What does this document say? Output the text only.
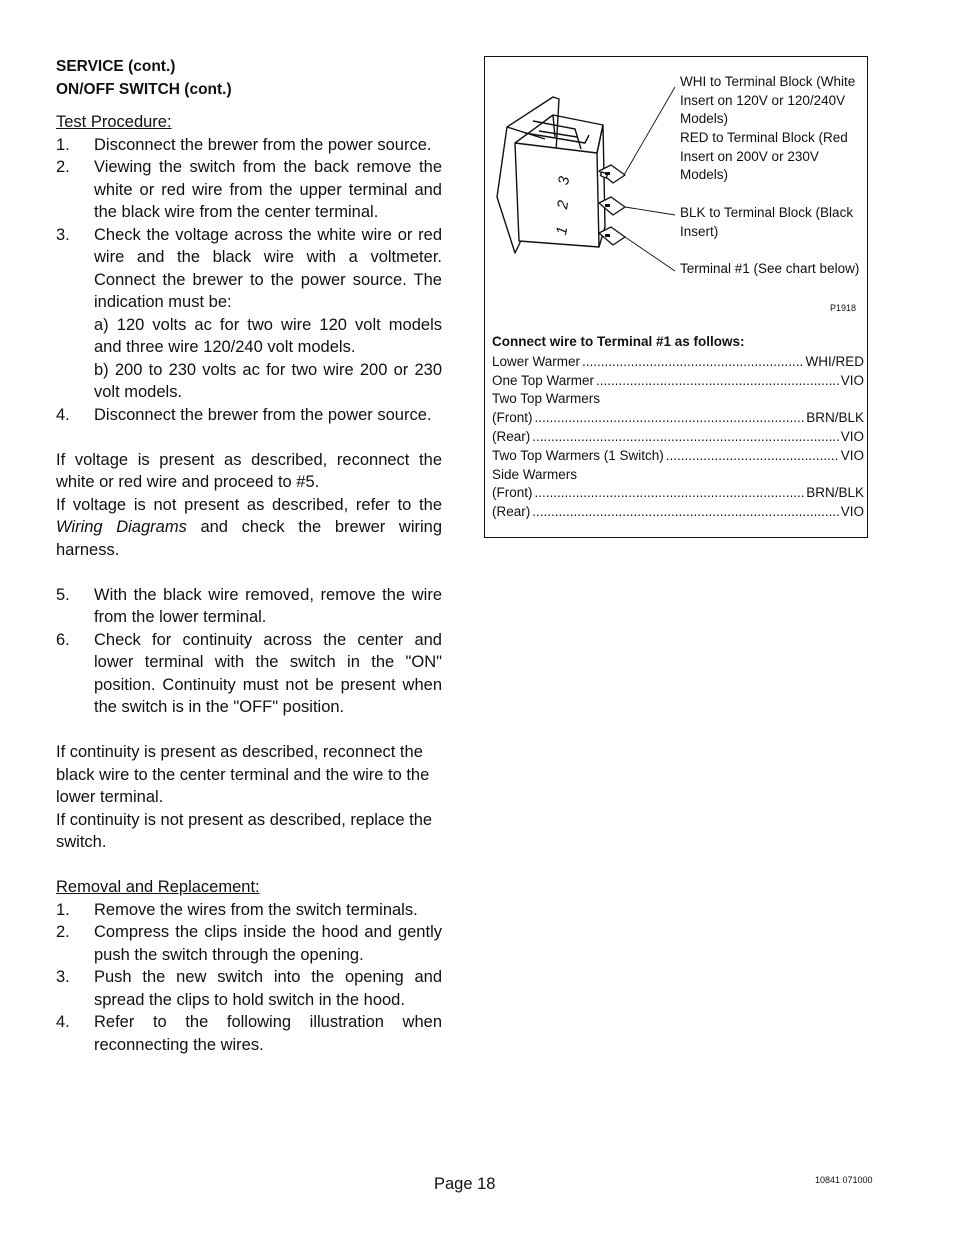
SERVICE (cont.)

ON/OFF SWITCH (cont.)

Test Procedure:

1.	Disconnect the brewer from the power source.
2.	Viewing the switch from the back remove the white or red wire from the upper terminal and the black wire from the center terminal.
3.	Check the voltage across the white wire or red wire and the black wire with a voltmeter. Connect the brewer to the power source. The indication must be:

a) 120 volts ac for two wire 120 volt models and three wire 120/240 volt models.

b) 200 to 230 volts ac for two wire 200 or 230 volt models.

4.	Disconnect the brewer from the power source.

If voltage is present as described, reconnect the white or red wire and proceed to #5.

If voltage is not present as described, refer to the Wiring Diagrams and check the brewer wiring harness.

5.	With the black wire removed, remove the wire from the lower terminal.
6.	Check for continuity across the center and lower terminal with the switch in the "ON" position. Continuity must not be present when the switch is in the "OFF" position.

If continuity is present as described, reconnect the black wire to the center terminal and the wire to the lower terminal.

If continuity is not present as described, replace the switch.

Removal and Replacement:

1.	Remove the wires from the switch terminals.
2.	Compress the clips inside the hood and gently push the switch through the opening.
3.	Push the new switch into the opening and spread the clips to hold switch in the hood.
4.	Refer to the following illustration when reconnecting the wires.
1
2
3
WHI to Terminal Block (White Insert on 120V or 120/240V Models)
RED to Terminal Block (Red Insert on 200V or 230V Models)
BLK to Terminal Block (Black Insert)
Terminal #1 (See chart below)
P1918
Connect wire to Terminal #1 as follows:
Lower Warmer .....	WHI/RED
One Top Warmer .....	VIO
Two Top Warmers
(Front) .....	BRN/BLK
(Rear) .....	VIO
Two Top Warmers (1 Switch) .....	VIO
Side Warmers
(Front) .....	BRN/BLK
(Rear) .....	VIO
Page 18	10841 071000
